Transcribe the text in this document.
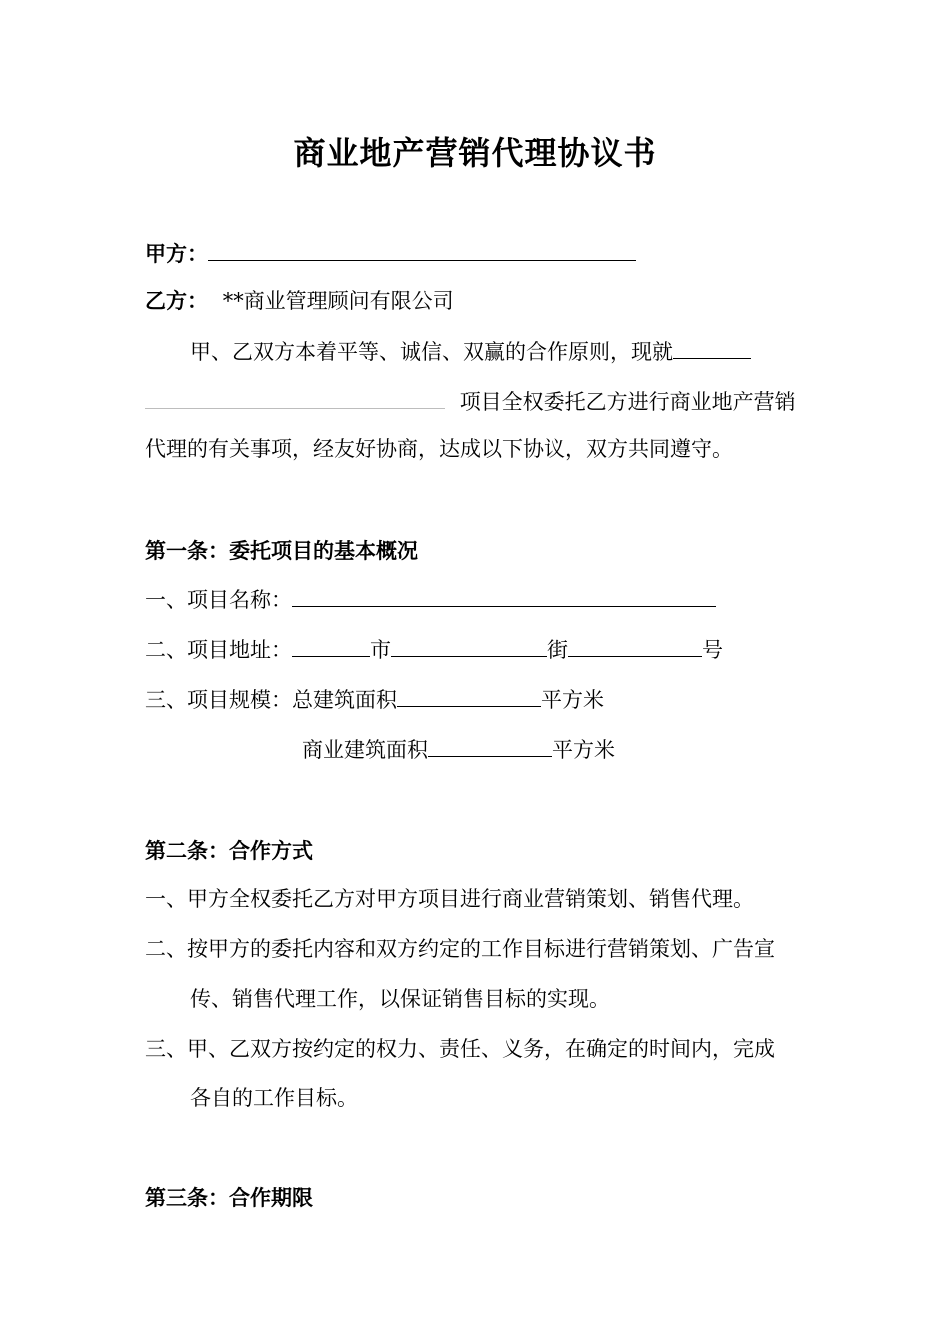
商业地产营销代理协议书
甲方：
乙方： **商业管理顾问有限公司
甲、乙双方本着平等、诚信、双赢的合作原则，现就
项目全权委托乙方进行商业地产营销
代理的有关事项，经友好协商，达成以下协议，双方共同遵守。
第一条：委托项目的基本概况
一、项目名称：
二、项目地址：	市	街	号
三、项目规模：总建筑面积	平方米
商业建筑面积	平方米
第二条：合作方式
一、甲方全权委托乙方对甲方项目进行商业营销策划、销售代理。
二、按甲方的委托内容和双方约定的工作目标进行营销策划、广告宣
传、销售代理工作，以保证销售目标的实现。
三、甲、乙双方按约定的权力、责任、义务，在确定的时间内，完成
各自的工作目标。
第三条：合作期限
